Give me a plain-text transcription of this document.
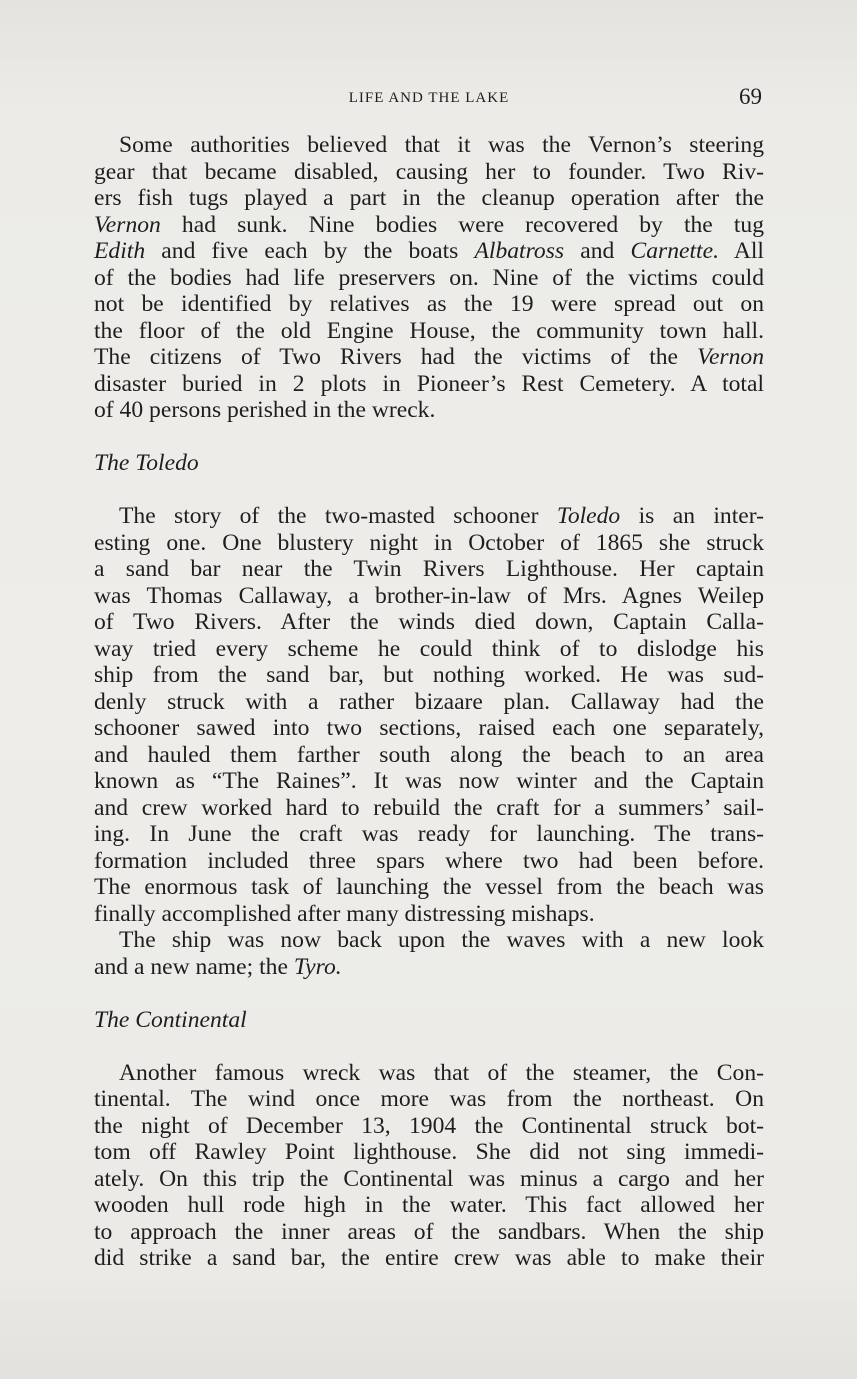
LIFE AND THE LAKE	69
Some authorities believed that it was the Vernon’s steering
gear that became disabled, causing her to founder. Two Riv-
ers fish tugs played a part in the cleanup operation after the
Vernon had sunk. Nine bodies were recovered by the tug
Edith and five each by the boats Albatross and Carnette. All
of the bodies had life preservers on. Nine of the victims could
not be identified by relatives as the 19 were spread out on
the floor of the old Engine House, the community town hall.
The citizens of Two Rivers had the victims of the Vernon
disaster buried in 2 plots in Pioneer’s Rest Cemetery. A total
of 40 persons perished in the wreck.
The Toledo
The story of the two-masted schooner Toledo is an inter-
esting one. One blustery night in October of 1865 she struck
a sand bar near the Twin Rivers Lighthouse. Her captain
was Thomas Callaway, a brother-in-law of Mrs. Agnes Weilep
of Two Rivers. After the winds died down, Captain Calla-
way tried every scheme he could think of to dislodge his
ship from the sand bar, but nothing worked. He was sud-
denly struck with a rather bizaare plan. Callaway had the
schooner sawed into two sections, raised each one separately,
and hauled them farther south along the beach to an area
known as “The Raines”. It was now winter and the Captain
and crew worked hard to rebuild the craft for a summers’ sail-
ing. In June the craft was ready for launching. The trans-
formation included three spars where two had been before.
The enormous task of launching the vessel from the beach was
finally accomplished after many distressing mishaps.
The ship was now back upon the waves with a new look
and a new name; the Tyro.
The Continental
Another famous wreck was that of the steamer, the Con-
tinental. The wind once more was from the northeast. On
the night of December 13, 1904 the Continental struck bot-
tom off Rawley Point lighthouse. She did not sing immedi-
ately. On this trip the Continental was minus a cargo and her
wooden hull rode high in the water. This fact allowed her
to approach the inner areas of the sandbars. When the ship
did strike a sand bar, the entire crew was able to make their
